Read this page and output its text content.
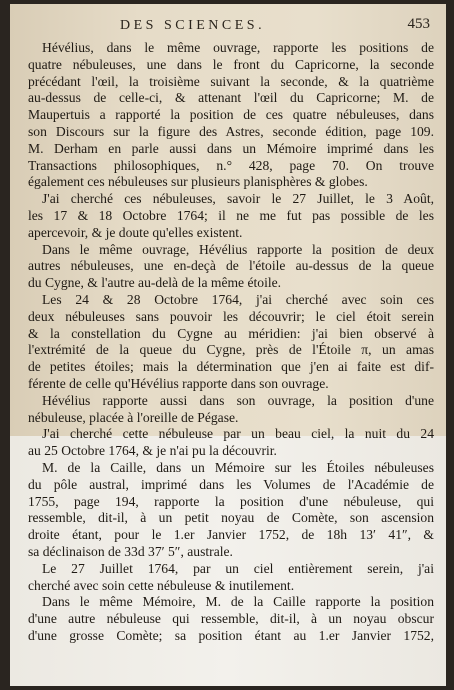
DES SCIENCES.	453
Hévélius, dans le même ouvrage, rapporte les positions de
quatre nébuleuses, une dans le front du Capricorne, la seconde
précédant l'œil, la troisième suivant la seconde, & la quatrième
au-dessus de celle-ci, & attenant l'œil du Capricorne; M. de
Maupertuis a rapporté la position de ces quatre nébuleuses, dans
son Discours sur la figure des Astres, seconde édition, page 109.
M. Derham en parle aussi dans un Mémoire imprimé dans les
Transactions philosophiques, n.° 428, page 70. On trouve
également ces nébuleuses sur plusieurs planisphères & globes.
J'ai cherché ces nébuleuses, savoir le 27 Juillet, le 3 Août,
les 17 & 18 Octobre 1764; il ne me fut pas possible de les
apercevoir, & je doute qu'elles existent.
Dans le même ouvrage, Hévélius rapporte la position de deux
autres nébuleuses, une en-deçà de l'étoile au-dessus de la queue
du Cygne, & l'autre au-delà de la même étoile.
Les 24 & 28 Octobre 1764, j'ai cherché avec soin ces
deux nébuleuses sans pouvoir les découvrir; le ciel étoit serein
& la constellation du Cygne au méridien: j'ai bien observé à
l'extrémité de la queue du Cygne, près de l'Étoile π, un amas
de petites étoiles; mais la détermination que j'en ai faite est dif-
férente de celle qu'Hévélius rapporte dans son ouvrage.
Hévélius rapporte aussi dans son ouvrage, la position d'une
nébuleuse, placée à l'oreille de Pégase.
J'ai cherché cette nébuleuse par un beau ciel, la nuit du 24
au 25 Octobre 1764, & je n'ai pu la découvrir.
M. de la Caille, dans un Mémoire sur les Étoiles nébuleuses
du pôle austral, imprimé dans les Volumes de l'Académie de
1755, page 194, rapporte la position d'une nébuleuse, qui
ressemble, dit-il, à un petit noyau de Comète, son ascension
droite étant, pour le 1.er Janvier 1752, de 18h 13′ 41″, &
sa déclinaison de 33d 37′ 5″, australe.
Le 27 Juillet 1764, par un ciel entièrement serein, j'ai
cherché avec soin cette nébuleuse & inutilement.
Dans le même Mémoire, M. de la Caille rapporte la position
d'une autre nébuleuse qui ressemble, dit-il, à un noyau obscur
d'une grosse Comète; sa position étant au 1.er Janvier 1752,
